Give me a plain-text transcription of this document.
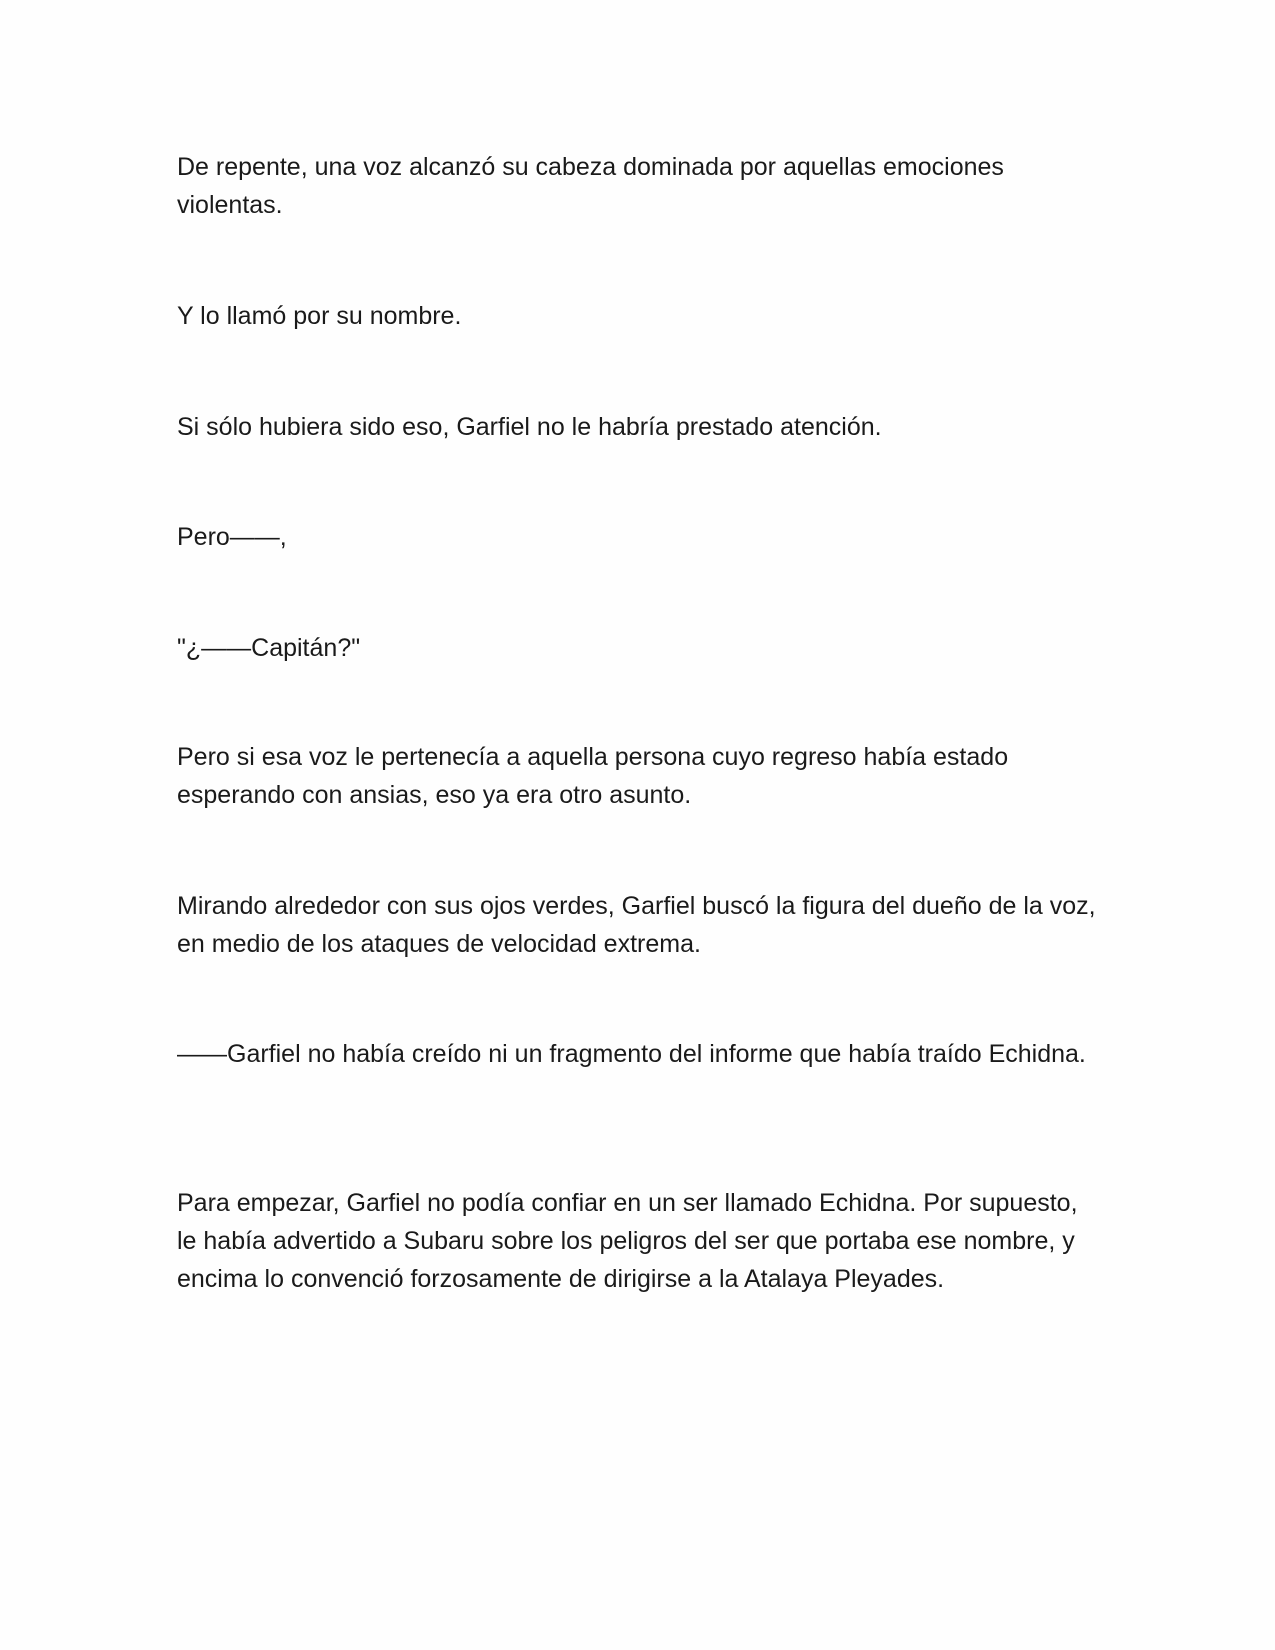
De repente, una voz alcanzó su cabeza dominada por aquellas emociones violentas.

Y lo llamó por su nombre.

Si sólo hubiera sido eso, Garfiel no le habría prestado atención.

Pero——,

"¿——Capitán?"

Pero si esa voz le pertenecía a aquella persona cuyo regreso había estado esperando con ansias, eso ya era otro asunto.

Mirando alrededor con sus ojos verdes, Garfiel buscó la figura del dueño de la voz, en medio de los ataques de velocidad extrema.

——Garfiel no había creído ni un fragmento del informe que había traído Echidna.

Para empezar, Garfiel no podía confiar en un ser llamado Echidna. Por supuesto, le había advertido a Subaru sobre los peligros del ser que portaba ese nombre, y encima lo convenció forzosamente de dirigirse a la Atalaya Pleyades.
